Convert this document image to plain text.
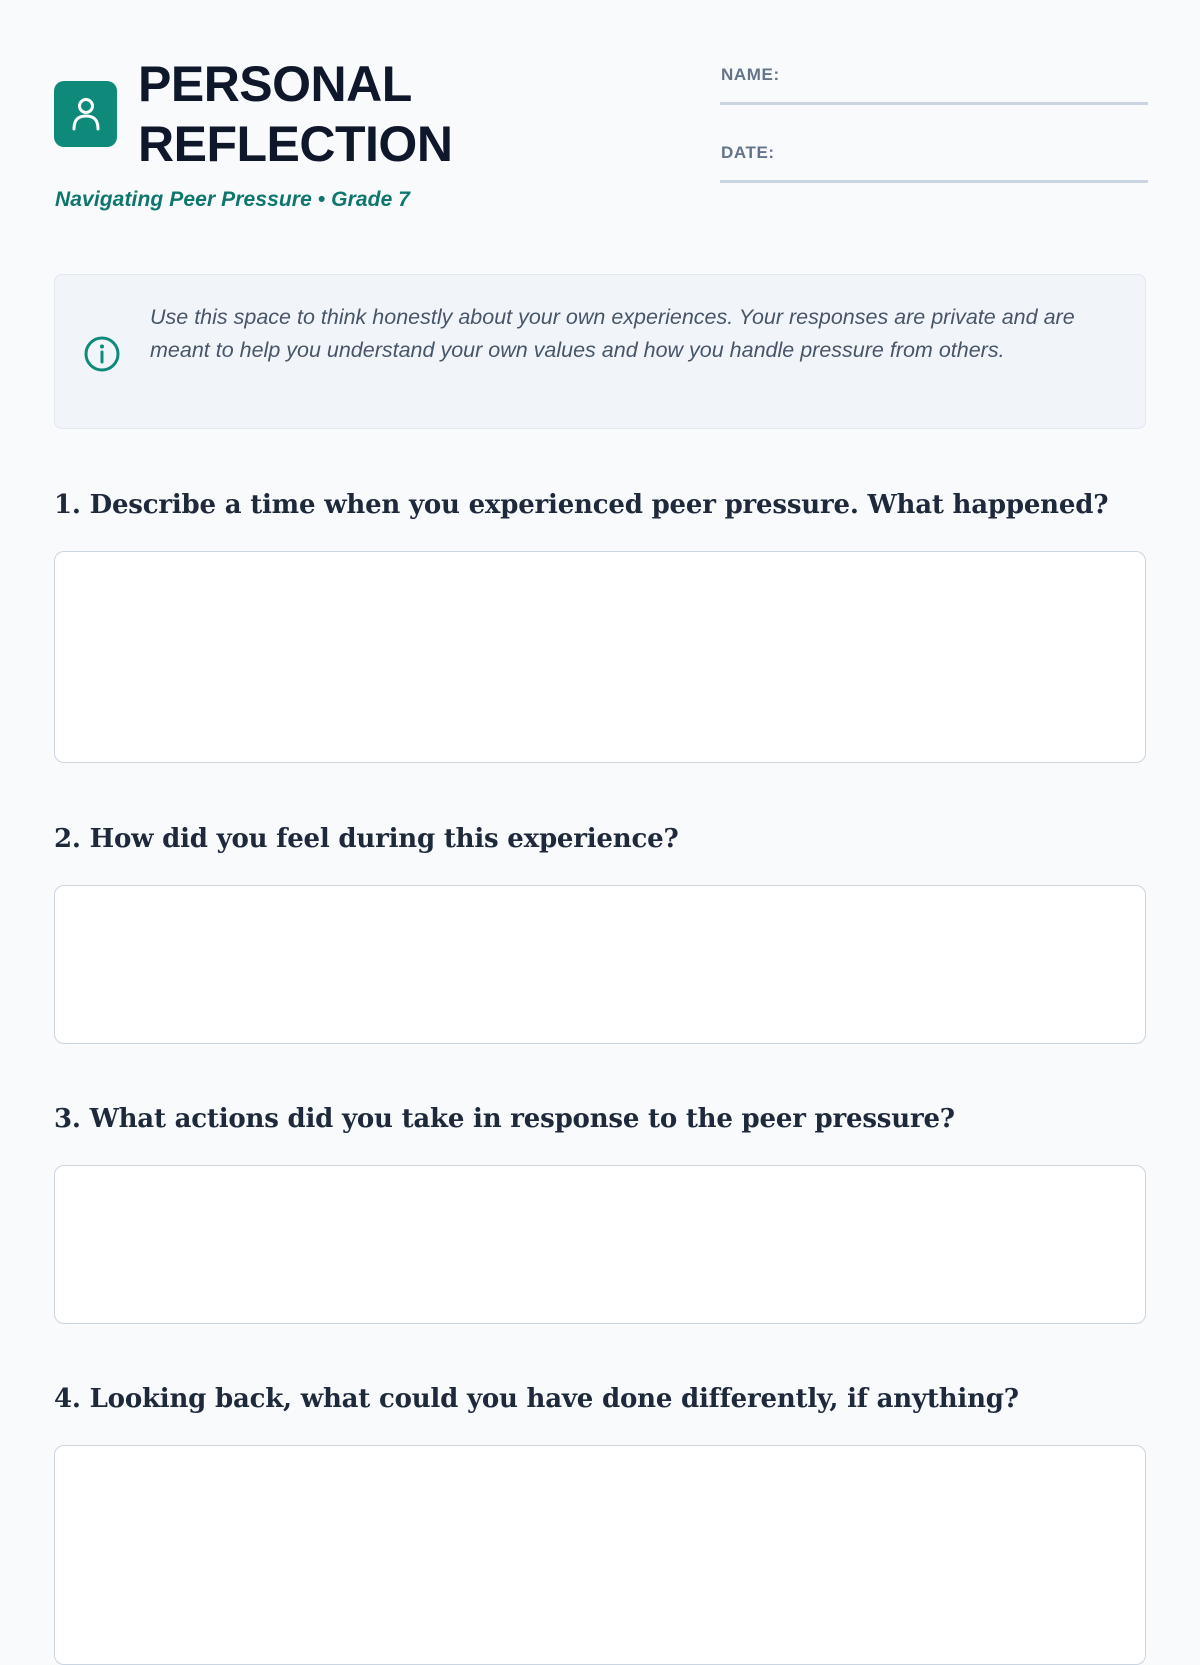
PERSONAL
REFLECTION
Navigating Peer Pressure • Grade 7
NAME:
DATE:
Use this space to think honestly about your own experiences. Your responses are private and are meant to help you understand your own values and how you handle pressure from others.
1. Describe a time when you experienced peer pressure. What happened?
2. How did you feel during this experience?
3. What actions did you take in response to the peer pressure?
4. Looking back, what could you have done differently, if anything?
